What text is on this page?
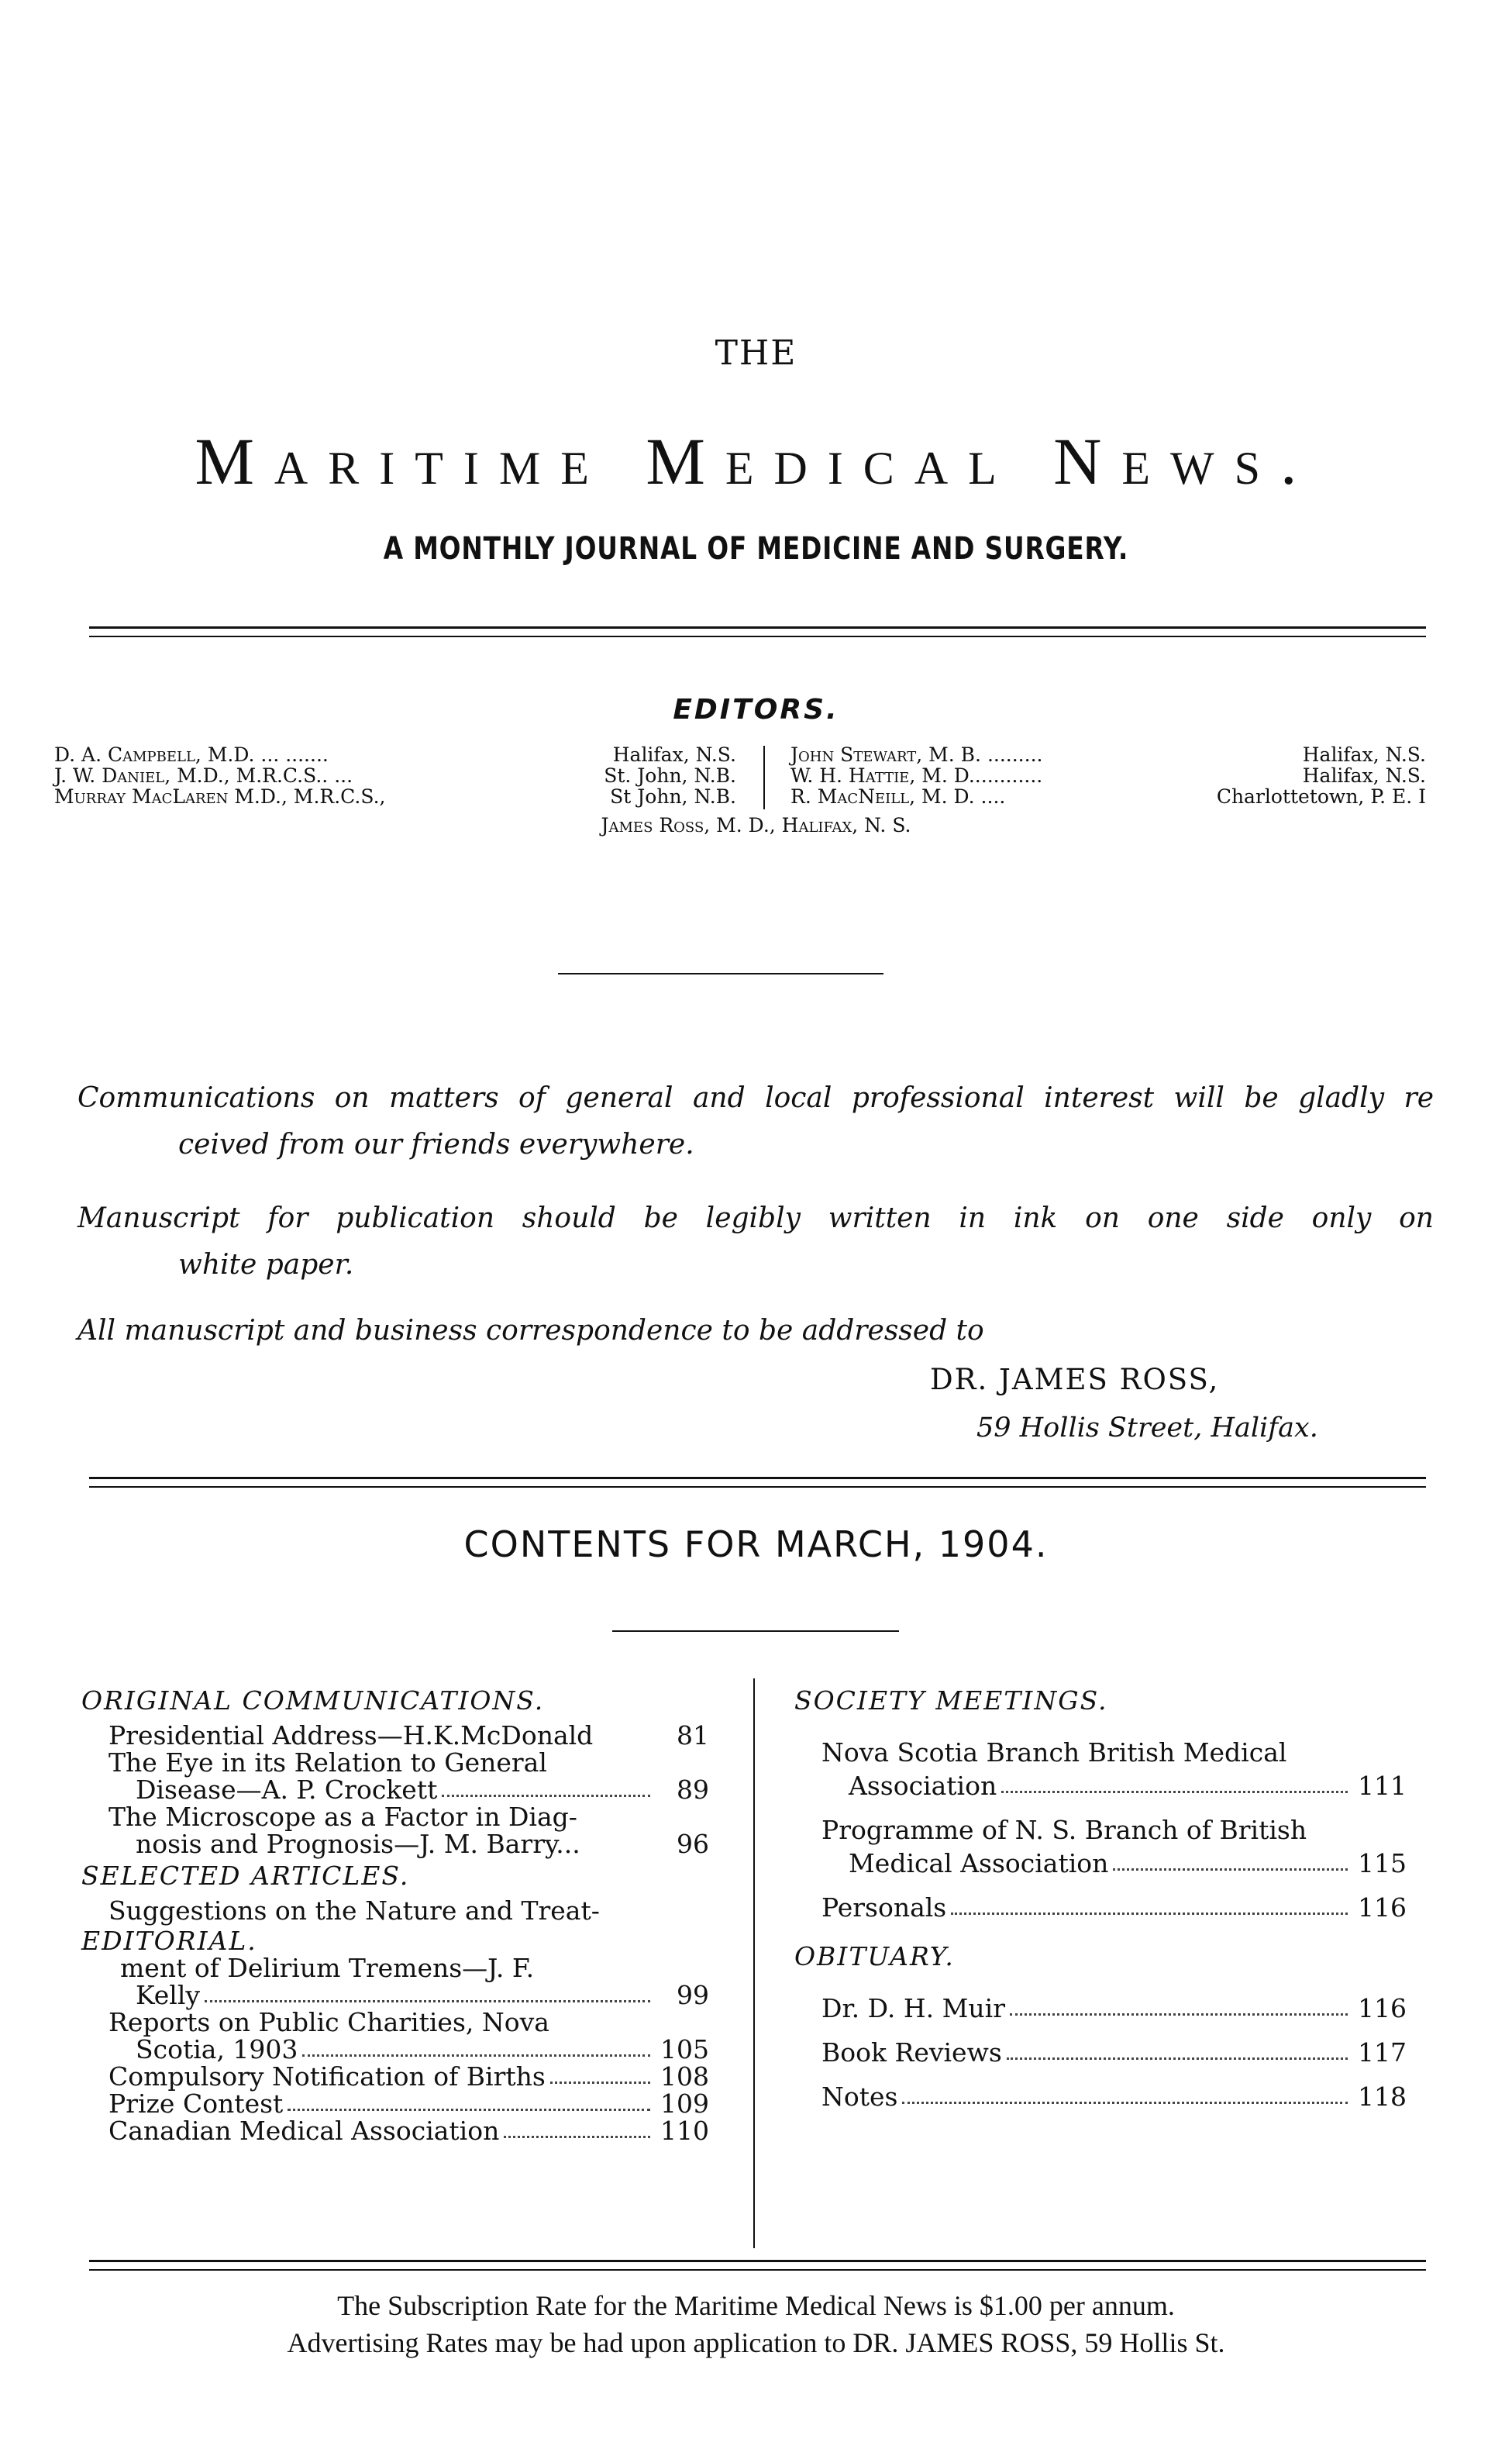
THE
Maritime Medical News.
A MONTHLY JOURNAL OF MEDICINE AND SURGERY.
EDITORS.
D. A. Campbell, M.D. ... .......	Halifax, N.S.
J. W. Daniel, M.D., M.R.C.S.. ...	St. John, N.B.
Murray MacLaren M.D., M.R.C.S.,	St John, N.B.
John Stewart, M. B. .........	Halifax, N.S.
W. H. Hattie, M. D............	Halifax, N.S.
R. MacNeill, M. D. ....	Charlottetown, P. E. I
James Ross, M. D., Halifax, N. S.
Communications on matters of general and local professional interest will be gladly re
ceived from our friends everywhere.
Manuscript for publication should be legibly written in ink on one side only on
white paper.
All manuscript and business correspondence to be addressed to
DR. JAMES ROSS,
59 Hollis Street, Halifax.
CONTENTS FOR MARCH, 1904.
ORIGINAL COMMUNICATIONS.
Presidential Address—H.K.McDonald	81
The Eye in its Relation to General
Disease—A. P. Crockett	89
The Microscope as a Factor in Diag-
nosis and Prognosis—J. M. Barry...	96
SELECTED ARTICLES.
Suggestions on the Nature and Treat-
EDITORIAL.
ment of Delirium Tremens—J. F.
Kelly	99
Reports on Public Charities, Nova
Scotia, 1903	105
Compulsory Notification of Births	108
Prize Contest	109
Canadian Medical Association	110
SOCIETY MEETINGS.
Nova Scotia Branch British Medical
Association	111
Programme of N. S. Branch of British
Medical Association	115
Personals	116
OBITUARY.
Dr. D. H. Muir	116
Book Reviews	117
Notes	118
The Subscription Rate for the Maritime Medical News is $1.00 per annum.
Advertising Rates may be had upon application to DR. JAMES ROSS, 59 Hollis St.
